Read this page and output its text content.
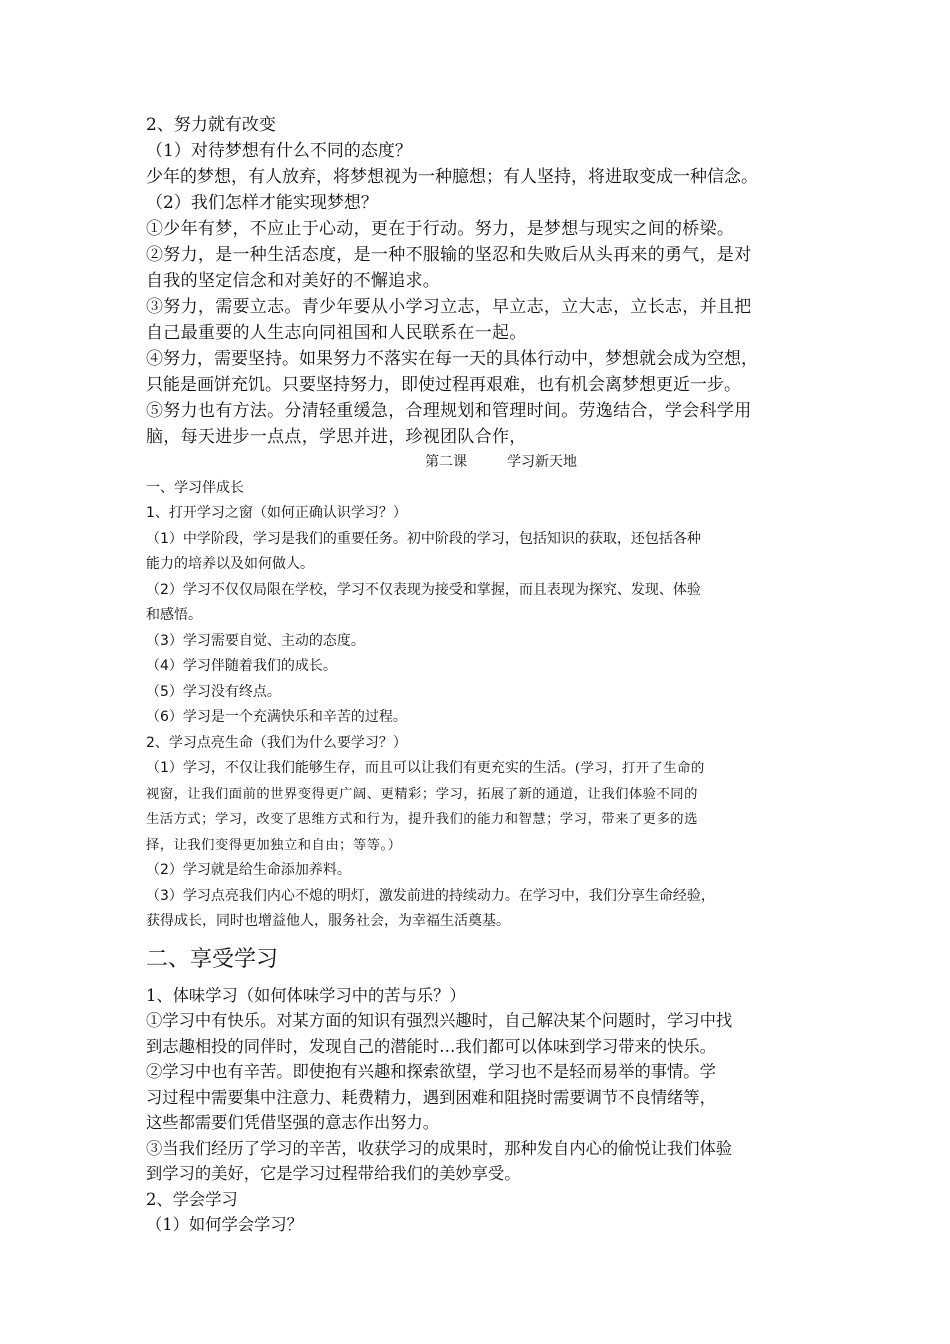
2、努力就有改变

（1）对待梦想有什么不同的态度？

少年的梦想，有人放弃，将梦想视为一种臆想；有人坚持，将进取变成一种信念。

（2）我们怎样才能实现梦想？

①少年有梦，不应止于心动，更在于行动。努力，是梦想与现实之间的桥梁。

②努力，是一种生活态度，是一种不服输的坚忍和失败后从头再来的勇气，是对

自我的坚定信念和对美好的不懈追求。

③努力，需要立志。青少年要从小学习立志，早立志，立大志，立长志，并且把

自己最重要的人生志向同祖国和人民联系在一起。

④努力，需要坚持。如果努力不落实在每一天的具体行动中，梦想就会成为空想，

只能是画饼充饥。只要坚持努力，即使过程再艰难，也有机会离梦想更近一步。

⑤努力也有方法。分清轻重缓急，合理规划和管理时间。劳逸结合，学会科学用

脑，每天进步一点点，学思并进，珍视团队合作，

第二课	学习新天地

一、学习伴成长

1、打开学习之窗（如何正确认识学习？）

（1）中学阶段，学习是我们的重要任务。初中阶段的学习，包括知识的获取，还包括各种

能力的培养以及如何做人。

（2）学习不仅仅局限在学校，学习不仅表现为接受和掌握，而且表现为探究、发现、体验

和感悟。

（3）学习需要自觉、主动的态度。

（4）学习伴随着我们的成长。

（5）学习没有终点。

（6）学习是一个充满快乐和辛苦的过程。

2、学习点亮生命（我们为什么要学习？）

（1）学习，不仅让我们能够生存，而且可以让我们有更充实的生活。(学习，打开了生命的

视窗，让我们面前的世界变得更广阔、更精彩；学习，拓展了新的通道，让我们体验不同的

生活方式；学习，改变了思维方式和行为，提升我们的能力和智慧；学习，带来了更多的选

择，让我们变得更加独立和自由；等等。）

（2）学习就是给生命添加养料。

（3）学习点亮我们内心不熄的明灯，激发前进的持续动力。在学习中，我们分享生命经验，

获得成长，同时也增益他人，服务社会，为幸福生活奠基。

二、享受学习

1、体味学习（如何体味学习中的苦与乐？）

①学习中有快乐。对某方面的知识有强烈兴趣时，自己解决某个问题时，学习中找

到志趣相投的同伴时，发现自己的潜能时…我们都可以体味到学习带来的快乐。

②学习中也有辛苦。即使抱有兴趣和探索欲望，学习也不是轻而易举的事情。学

习过程中需要集中注意力、耗费精力，遇到困难和阻挠时需要调节不良情绪等，

这些都需要们凭借坚强的意志作出努力。

③当我们经历了学习的辛苦，收获学习的成果时，那种发自内心的偷悦让我们体验

到学习的美好，它是学习过程带给我们的美妙享受。

2、学会学习

（1）如何学会学习？
